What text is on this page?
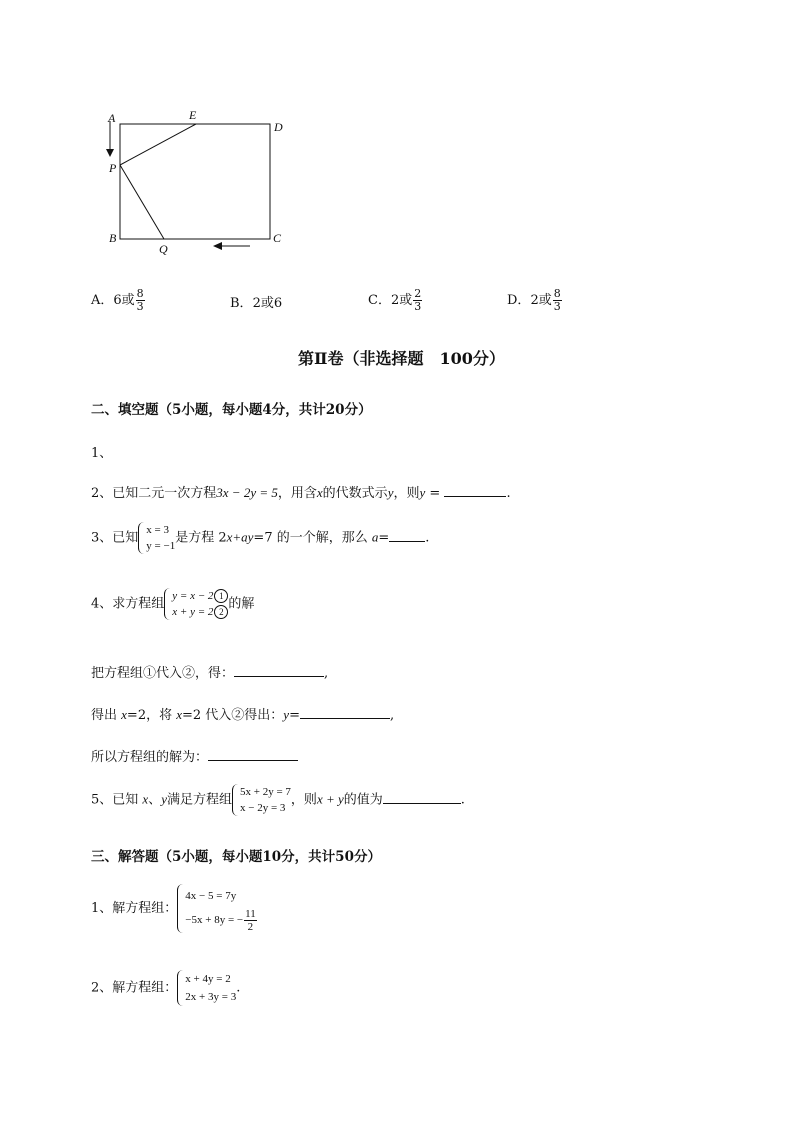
A	E
D
P
B
Q
C
A．6或 $\frac{8}{3}$	B．2或6	C．2或 $\frac{2}{3}$	D．2或 $\frac{8}{3}$
第Ⅱ卷（非选择题　100分）
二、填空题（5小题，每小题4分，共计20分）
1、
2、已知二元一次方程3x − 2y = 5，用含x的代数式示y，则y =	.
3、已知
x = 3
y = −1
是方程 2x+ay=7 的一个解，那么 a=	.
4、求方程组
y = x − 2 1
x + y = 2 2
的解
把方程组①代入②，得：	,
得出 x=2，将 x=2 代入②得出：y=	,
所以方程组的解为：
5、已知 x、y满足方程组
5x + 2y = 7
x − 2y = 3
，则x + y的值为	.
三、解答题（5小题，每小题10分，共计50分）
1、解方程组：
4x − 5 = 7y
−5x + 8y = − $\frac{11}{2}$
2、解方程组：
x + 4y = 2
2x + 3y = 3
.
